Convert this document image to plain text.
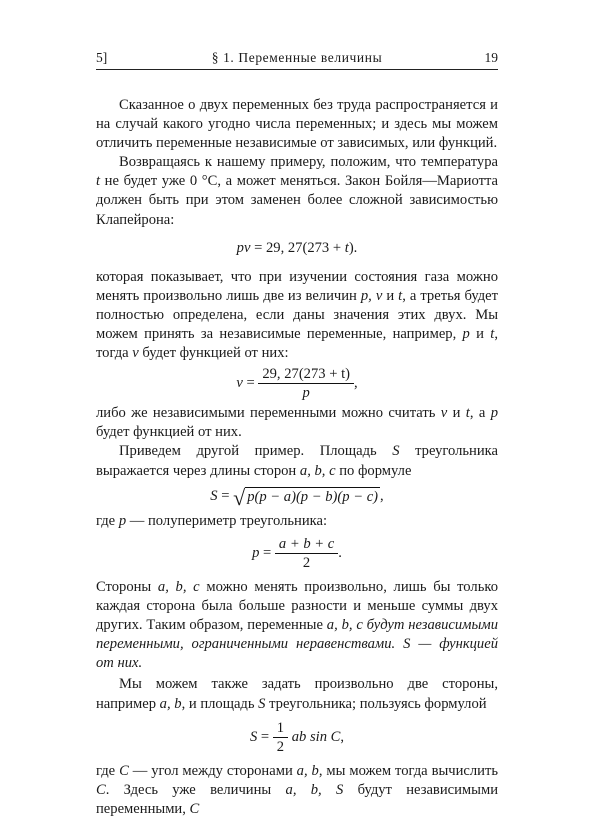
5]	§ 1. Переменные величины	19

Сказанное о двух переменных без труда распространяется и на случай какого угодно числа переменных; и здесь мы можем отличить переменные независимые от зависимых, или функций.

Возвращаясь к нашему примеру, положим, что температура t не будет уже 0 °C, а может меняться. Закон Бойля—Мариотта должен быть при этом заменен более сложной зависимостью Клапейрона:

pv = 29, 27(273 + t).

которая показывает, что при изучении состояния газа можно менять произвольно лишь две из величин p, v и t, а третья будет полностью определена, если даны значения этих двух. Мы можем принять за независимые переменные, например, p и t, тогда v будет функцией от них:

$v = \frac{29, 27(273 + t)}{p}$ ,

либо же независимыми переменными можно считать v и t, а p будет функцией от них.

Приведем другой пример. Площадь S треугольника выражается через длины сторон a, b, c по формуле

S = √ p(p − a)(p − b)(p − c) ,

где p — полупериметр треугольника:

$p = \frac{a + b + c}{2}$ .

Стороны a, b, c можно менять произвольно, лишь бы только каждая сторона была больше разности и меньше суммы двух других. Таким образом, переменные a, b, c будут независимыми переменными, ограниченными неравенствами. S — функцией от них.

Мы можем также задать произвольно две стороны, например a, b, и площадь S треугольника; пользуясь формулой

$S = \frac{1}{2}$ ab sin C,

где C — угол между сторонами a, b, мы можем тогда вычислить C. Здесь уже величины a, b, S будут независимыми переменными, C
